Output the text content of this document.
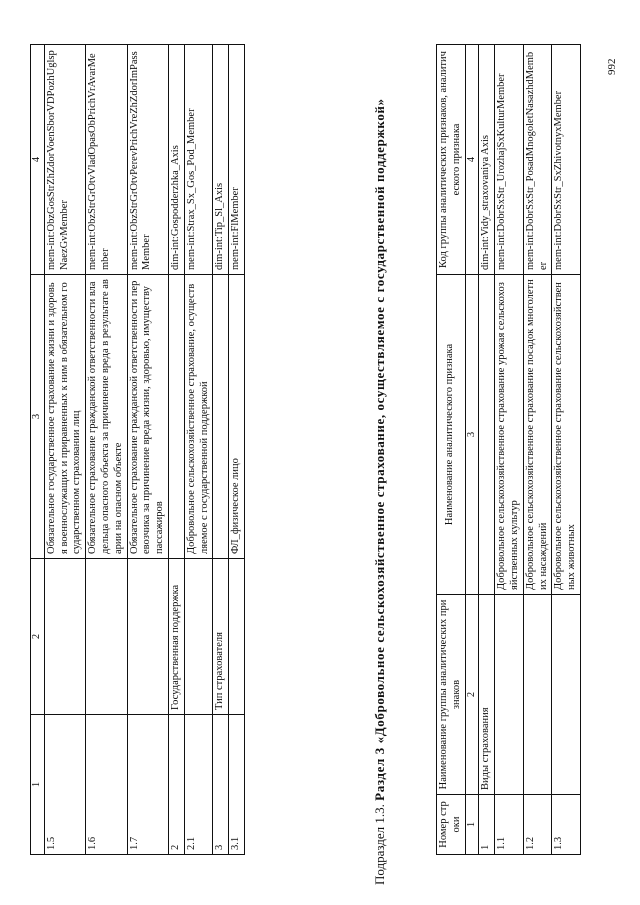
1	2	3	4
1.5		Обязательное государственное страхование жизни и здоровья военнослужащих и приравненных к ним в обязательном государственном страховании лиц	mem-int:ObzGosStrZhZdorVoenSborVDPozhUglspNaezGvMember
1.6		Обязательное страхование гражданской ответственности владельца опасного объекта за причинение вреда в результате аварии на опасном объекте	mem-int:ObzStrGrOtvVladOpasObPrichVrAvarMember
1.7		Обязательное страхование гражданской ответственности перевозчика за причинение вреда жизни, здоровью, имуществу пассажиров	mem-int:ObzStrGrOtvPerevPrichVreZhZdorImPassMember
2	Государственная поддержка		dim-int:Gospodderzhka_Axis
2.1		Добровольное сельскохозяйственное страхование, осуществляемое с государственной поддержкой	mem-int:Strax_Sx_Gos_Pod_Member
3	Тип страхователя		dim-int:Tip_Sl_Axis
3.1		ФЛ_физическое лицо	mem-int:FlMember
Подраздел 1.3. Раздел 3 «Добровольное сельскохозяйственное страхование, осуществляемое с государственной поддержкой»
Номер строки	Наименование группы аналитических признаков	Наименование аналитического признака	Код группы аналитических признаков, аналитического признака
1	2	3	4
1	Виды страхования		dim-int:Vidy_straxovaniya Axis
1.1		Добровольное сельскохозяйственное страхование урожая сельскохозяйственных культур	mem-int:DobrSxStr_UrozhajSxKulturMember
1.2		Добровольное сельскохозяйственное страхование посадок многолетних насаждений	mem-int:DobrSxStr_PosadMnogoletNasazhdMember
1.3		Добровольное сельскохозяйственное страхование сельскохозяйственных животных	mem-int:DobrSxStr_SxZhivotnyxMember
992
